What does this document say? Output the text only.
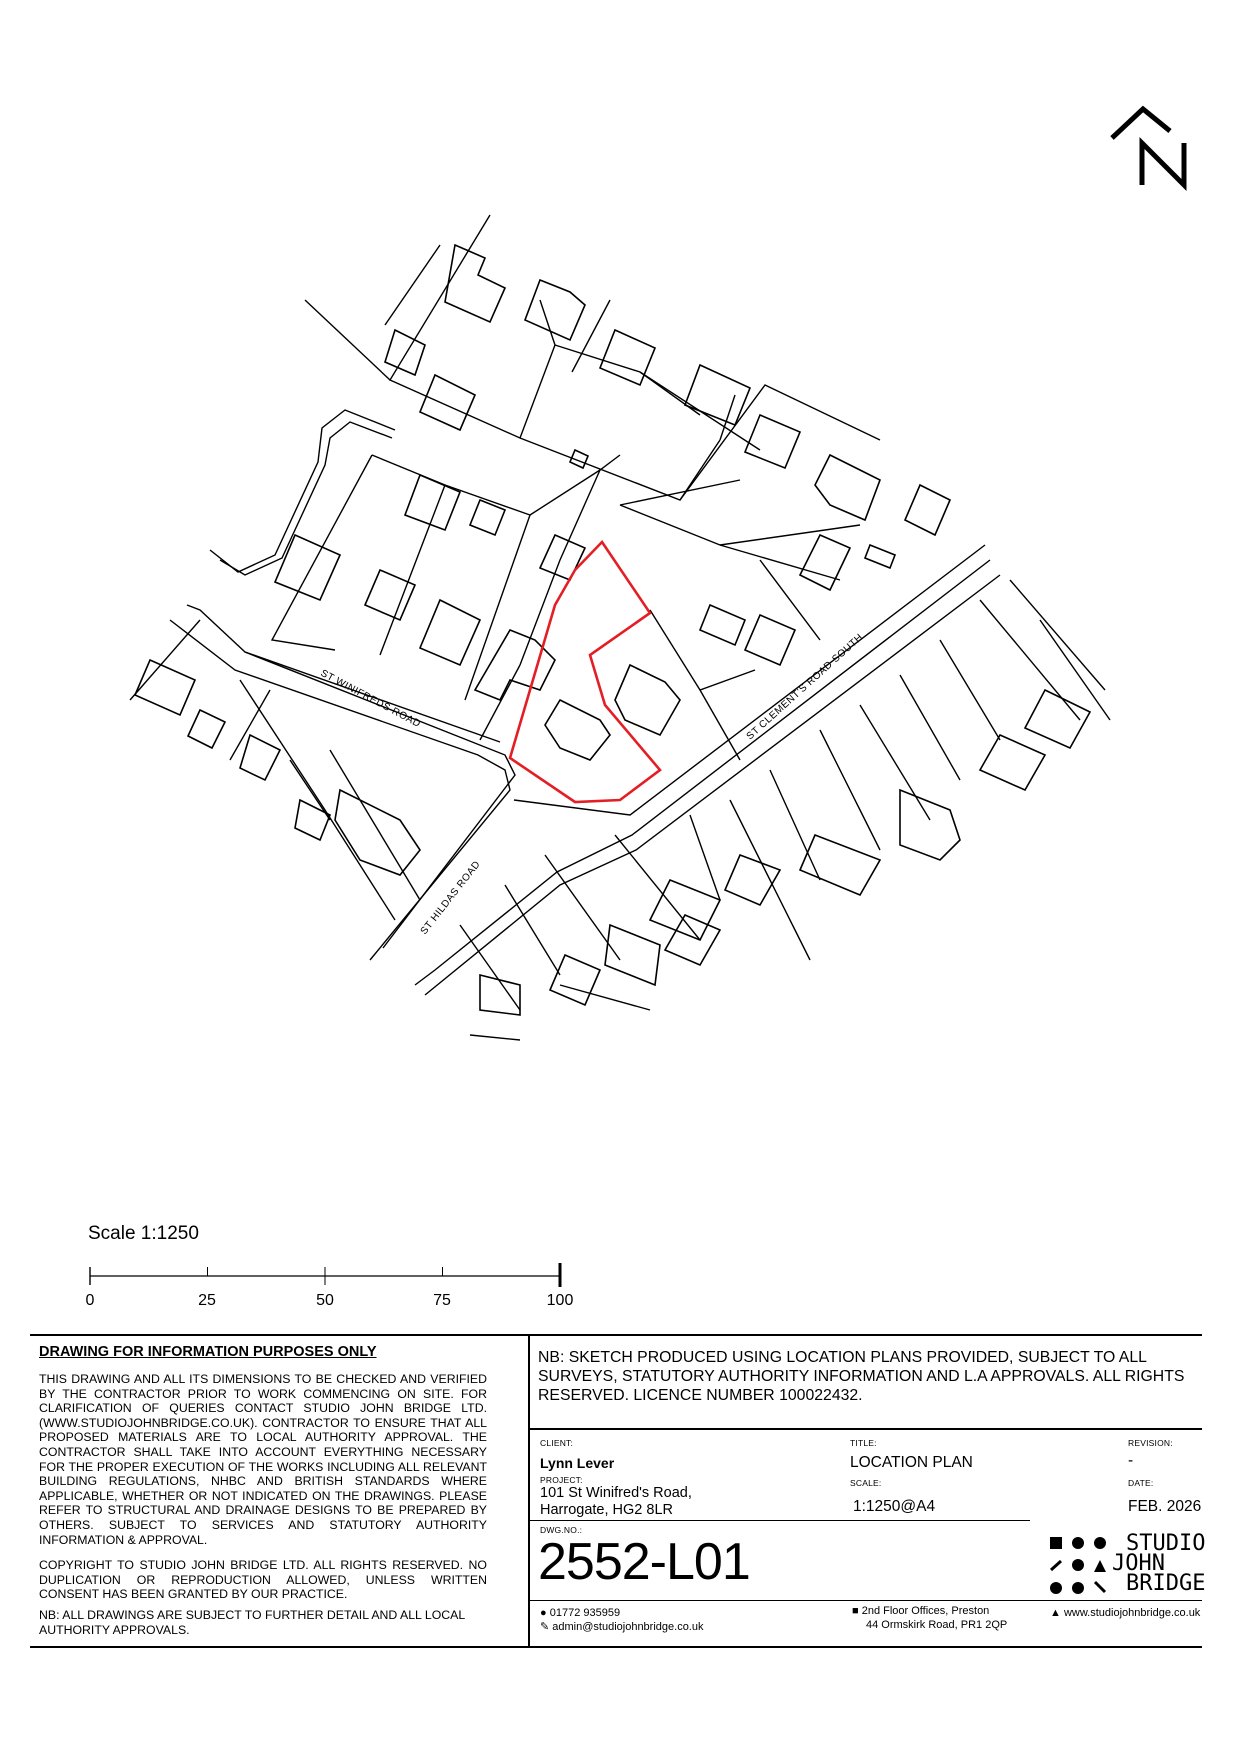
ST WINIFREDS ROAD	ST CLEMENT'S ROAD SOUTH
ST HILDAS ROAD
Scale 1:1250
0	25	50	75	100
DRAWING FOR INFORMATION PURPOSES ONLY
THIS DRAWING AND ALL ITS DIMENSIONS TO BE CHECKED AND VERIFIED BY THE CONTRACTOR PRIOR TO WORK COMMENCING ON SITE. FOR CLARIFICATION OF QUERIES CONTACT STUDIO JOHN BRIDGE LTD. (WWW.STUDIOJOHNBRIDGE.CO.UK). CONTRACTOR TO ENSURE THAT ALL PROPOSED MATERIALS ARE TO LOCAL AUTHORITY APPROVAL. THE CONTRACTOR SHALL TAKE INTO ACCOUNT EVERYTHING NECESSARY FOR THE PROPER EXECUTION OF THE WORKS INCLUDING ALL RELEVANT BUILDING REGULATIONS, NHBC AND BRITISH STANDARDS WHERE APPLICABLE, WHETHER OR NOT INDICATED ON THE DRAWINGS. PLEASE REFER TO STRUCTURAL AND DRAINAGE DESIGNS TO BE PREPARED BY OTHERS. SUBJECT TO SERVICES AND STATUTORY AUTHORITY INFORMATION & APPROVAL.
COPYRIGHT TO STUDIO JOHN BRIDGE LTD. ALL RIGHTS RESERVED. NO DUPLICATION OR REPRODUCTION ALLOWED, UNLESS WRITTEN CONSENT HAS BEEN GRANTED BY OUR PRACTICE.
NB: ALL DRAWINGS ARE SUBJECT TO FURTHER DETAIL AND ALL LOCAL AUTHORITY APPROVALS.
NB: SKETCH PRODUCED USING LOCATION PLANS PROVIDED, SUBJECT TO ALL SURVEYS, STATUTORY AUTHORITY INFORMATION AND L.A APPROVALS. ALL RIGHTS RESERVED. LICENCE NUMBER 100022432.
CLIENT:
Lynn Lever
PROJECT:
101 St Winifred's Road,
Harrogate, HG2 8LR
TITLE:
LOCATION PLAN
SCALE:
1:1250@A4
REVISION:
-
DATE:
FEB. 2026
DWG.NO.:
2552-L01	STUDIO
JOHN
BRIDGE
● 01772 935959
✎ admin@studiojohnbridge.co.uk
■ 2nd Floor Offices, Preston
44 Ormskirk Road, PR1 2QP
▲ www.studiojohnbridge.co.uk
